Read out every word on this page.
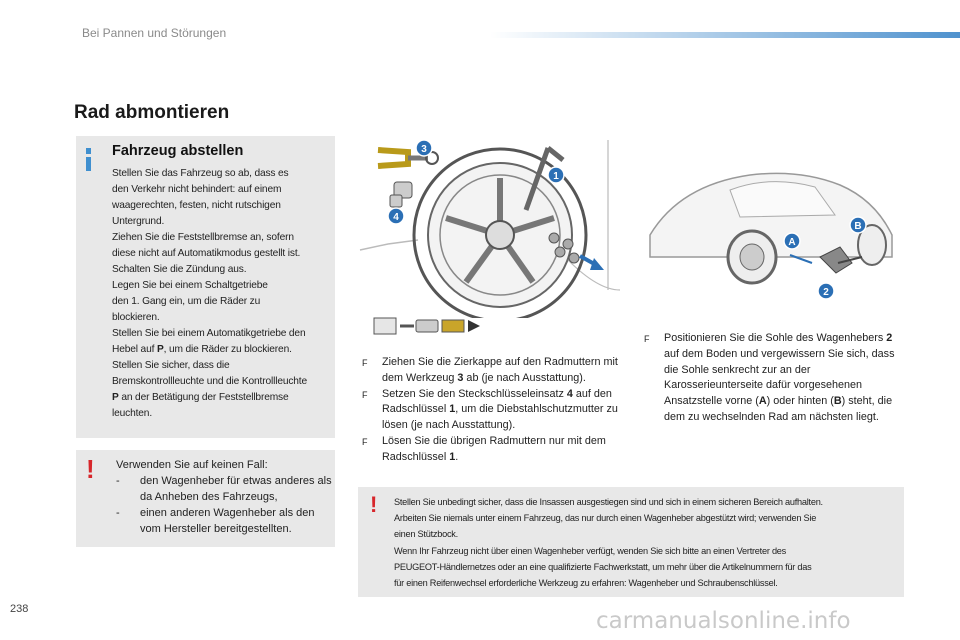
Bei Pannen und Störungen
Rad abmontieren
Fahrzeug abstellen
Stellen Sie das Fahrzeug so ab, dass es
den Verkehr nicht behindert: auf einem
waagerechten, festen, nicht rutschigen
Untergrund.
Ziehen Sie die Feststellbremse an, sofern
diese nicht auf Automatikmodus gestellt ist.
Schalten Sie die Zündung aus.
Legen Sie bei einem Schaltgetriebe
den 1. Gang ein, um die Räder zu
blockieren.
Stellen Sie bei einem Automatikgetriebe den
Hebel auf P, um die Räder zu blockieren.
Stellen Sie sicher, dass die
Bremskontrollleuchte und die Kontrollleuchte
P an der Betätigung der Feststellbremse
leuchten.
! Verwenden Sie auf keinen Fall:
-	den Wagenheber für etwas anderes als da Anheben des Fahrzeugs,
-	einen anderen Wagenheber als den vom Hersteller bereitgestellten.
3
1
4
A
B
2
F	Ziehen Sie die Zierkappe auf den Radmuttern mit dem Werkzeug 3 ab (je nach Ausstattung).
F	Setzen Sie den Steckschlüsseleinsatz 4 auf den Radschlüssel 1, um die Diebstahlschutzmutter zu lösen (je nach Ausstattung).
F	Lösen Sie die übrigen Radmuttern nur mit dem Radschlüssel 1.
F	Positionieren Sie die Sohle des Wagenhebers 2 auf dem Boden und vergewissern Sie sich, dass die Sohle senkrecht zur an der Karosserieunterseite dafür vorgesehenen Ansatzstelle vorne (A) oder hinten (B) steht, die dem zu wechselnden Rad am nächsten liegt.
! Stellen Sie unbedingt sicher, dass die Insassen ausgestiegen sind und sich in einem sicheren Bereich aufhalten.
Arbeiten Sie niemals unter einem Fahrzeug, das nur durch einen Wagenheber abgestützt wird; verwenden Sie
einen Stützbock.
Wenn Ihr Fahrzeug nicht über einen Wagenheber verfügt, wenden Sie sich bitte an einen Vertreter des
PEUGEOT-Händlernetzes oder an eine qualifizierte Fachwerkstatt, um mehr über die Artikelnummern für das
für einen Reifenwechsel erforderliche Werkzeug zu erfahren: Wagenheber und Schraubenschlüssel.
238	carmanualsonline.info
